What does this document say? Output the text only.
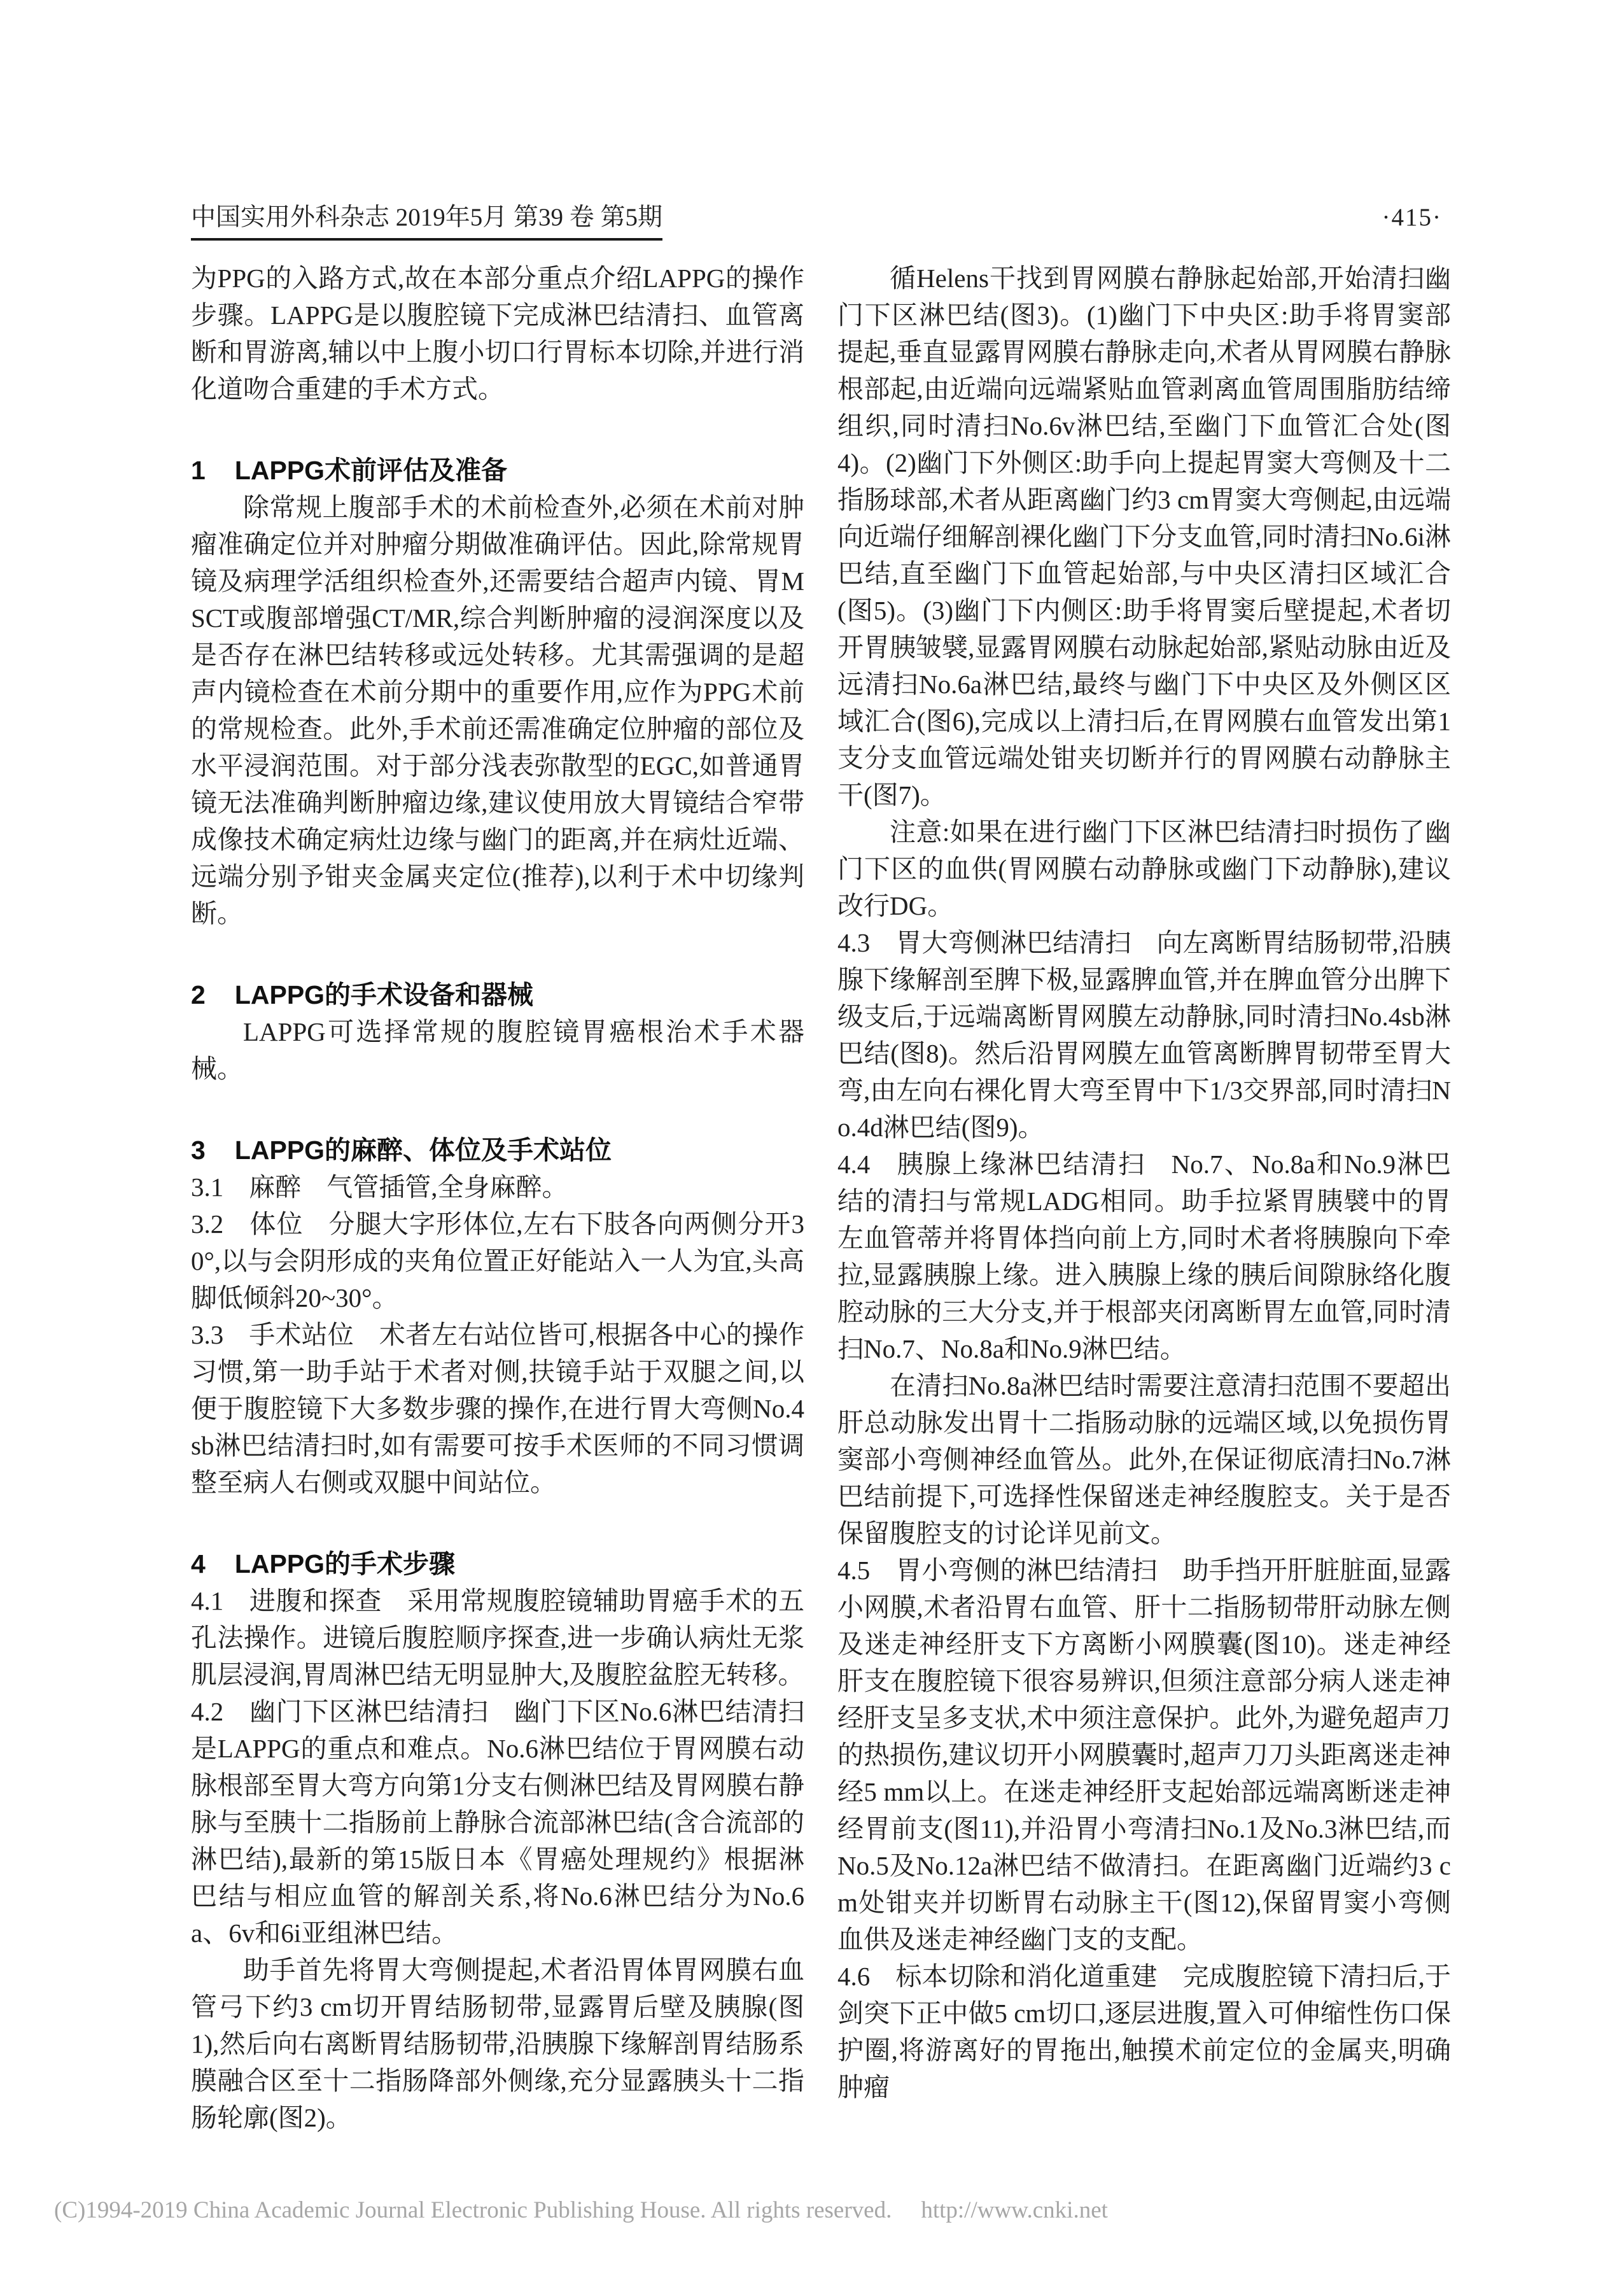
中国实用外科杂志 2019年5月 第39 卷 第5期	·415·

为PPG的入路方式,故在本部分重点介绍LAPPG的操作步骤。LAPPG是以腹腔镜下完成淋巴结清扫、血管离断和胃游离,辅以中上腹小切口行胃标本切除,并进行消化道吻合重建的手术方式。

1 LAPPG术前评估及准备

除常规上腹部手术的术前检查外,必须在术前对肿瘤准确定位并对肿瘤分期做准确评估。因此,除常规胃镜及病理学活组织检查外,还需要结合超声内镜、胃MSCT或腹部增强CT/MR,综合判断肿瘤的浸润深度以及是否存在淋巴结转移或远处转移。尤其需强调的是超声内镜检查在术前分期中的重要作用,应作为PPG术前的常规检查。此外,手术前还需准确定位肿瘤的部位及水平浸润范围。对于部分浅表弥散型的EGC,如普通胃镜无法准确判断肿瘤边缘,建议使用放大胃镜结合窄带成像技术确定病灶边缘与幽门的距离,并在病灶近端、远端分别予钳夹金属夹定位(推荐),以利于术中切缘判断。

2 LAPPG的手术设备和器械

LAPPG可选择常规的腹腔镜胃癌根治术手术器械。

3 LAPPG的麻醉、体位及手术站位

3.1 麻醉 气管插管,全身麻醉。

3.2 体位 分腿大字形体位,左右下肢各向两侧分开30°,以与会阴形成的夹角位置正好能站入一人为宜,头高脚低倾斜20~30°。

3.3 手术站位 术者左右站位皆可,根据各中心的操作习惯,第一助手站于术者对侧,扶镜手站于双腿之间,以便于腹腔镜下大多数步骤的操作,在进行胃大弯侧No.4sb淋巴结清扫时,如有需要可按手术医师的不同习惯调整至病人右侧或双腿中间站位。

4 LAPPG的手术步骤

4.1 进腹和探查 采用常规腹腔镜辅助胃癌手术的五孔法操作。进镜后腹腔顺序探查,进一步确认病灶无浆肌层浸润,胃周淋巴结无明显肿大,及腹腔盆腔无转移。

4.2 幽门下区淋巴结清扫 幽门下区No.6淋巴结清扫是LAPPG的重点和难点。No.6淋巴结位于胃网膜右动脉根部至胃大弯方向第1分支右侧淋巴结及胃网膜右静脉与至胰十二指肠前上静脉合流部淋巴结(含合流部的淋巴结),最新的第15版日本《胃癌处理规约》根据淋巴结与相应血管的解剖关系,将No.6淋巴结分为No.6a、6v和6i亚组淋巴结。

助手首先将胃大弯侧提起,术者沿胃体胃网膜右血管弓下约3 cm切开胃结肠韧带,显露胃后壁及胰腺(图1),然后向右离断胃结肠韧带,沿胰腺下缘解剖胃结肠系膜融合区至十二指肠降部外侧缘,充分显露胰头十二指肠轮廓(图2)。

循Helens干找到胃网膜右静脉起始部,开始清扫幽门下区淋巴结(图3)。(1)幽门下中央区:助手将胃窦部提起,垂直显露胃网膜右静脉走向,术者从胃网膜右静脉根部起,由近端向远端紧贴血管剥离血管周围脂肪结缔组织,同时清扫No.6v淋巴结,至幽门下血管汇合处(图4)。(2)幽门下外侧区:助手向上提起胃窦大弯侧及十二指肠球部,术者从距离幽门约3 cm胃窦大弯侧起,由远端向近端仔细解剖裸化幽门下分支血管,同时清扫No.6i淋巴结,直至幽门下血管起始部,与中央区清扫区域汇合(图5)。(3)幽门下内侧区:助手将胃窦后壁提起,术者切开胃胰皱襞,显露胃网膜右动脉起始部,紧贴动脉由近及远清扫No.6a淋巴结,最终与幽门下中央区及外侧区区域汇合(图6),完成以上清扫后,在胃网膜右血管发出第1支分支血管远端处钳夹切断并行的胃网膜右动静脉主干(图7)。

注意:如果在进行幽门下区淋巴结清扫时损伤了幽门下区的血供(胃网膜右动静脉或幽门下动静脉),建议改行DG。

4.3 胃大弯侧淋巴结清扫 向左离断胃结肠韧带,沿胰腺下缘解剖至脾下极,显露脾血管,并在脾血管分出脾下级支后,于远端离断胃网膜左动静脉,同时清扫No.4sb淋巴结(图8)。然后沿胃网膜左血管离断脾胃韧带至胃大弯,由左向右裸化胃大弯至胃中下1/3交界部,同时清扫No.4d淋巴结(图9)。

4.4 胰腺上缘淋巴结清扫 No.7、No.8a和No.9淋巴结的清扫与常规LADG相同。助手拉紧胃胰襞中的胃左血管蒂并将胃体挡向前上方,同时术者将胰腺向下牵拉,显露胰腺上缘。进入胰腺上缘的胰后间隙脉络化腹腔动脉的三大分支,并于根部夹闭离断胃左血管,同时清扫No.7、No.8a和No.9淋巴结。

在清扫No.8a淋巴结时需要注意清扫范围不要超出肝总动脉发出胃十二指肠动脉的远端区域,以免损伤胃窦部小弯侧神经血管丛。此外,在保证彻底清扫No.7淋巴结前提下,可选择性保留迷走神经腹腔支。关于是否保留腹腔支的讨论详见前文。

4.5 胃小弯侧的淋巴结清扫 助手挡开肝脏脏面,显露小网膜,术者沿胃右血管、肝十二指肠韧带肝动脉左侧及迷走神经肝支下方离断小网膜囊(图10)。迷走神经肝支在腹腔镜下很容易辨识,但须注意部分病人迷走神经肝支呈多支状,术中须注意保护。此外,为避免超声刀的热损伤,建议切开小网膜囊时,超声刀刀头距离迷走神经5 mm以上。在迷走神经肝支起始部远端离断迷走神经胃前支(图11),并沿胃小弯清扫No.1及No.3淋巴结,而No.5及No.12a淋巴结不做清扫。在距离幽门近端约3 cm处钳夹并切断胃右动脉主干(图12),保留胃窦小弯侧血供及迷走神经幽门支的支配。

4.6 标本切除和消化道重建 完成腹腔镜下清扫后,于剑突下正中做5 cm切口,逐层进腹,置入可伸缩性伤口保护圈,将游离好的胃拖出,触摸术前定位的金属夹,明确肿瘤

(C)1994-2019 China Academic Journal Electronic Publishing House. All rights reserved. http://www.cnki.net
